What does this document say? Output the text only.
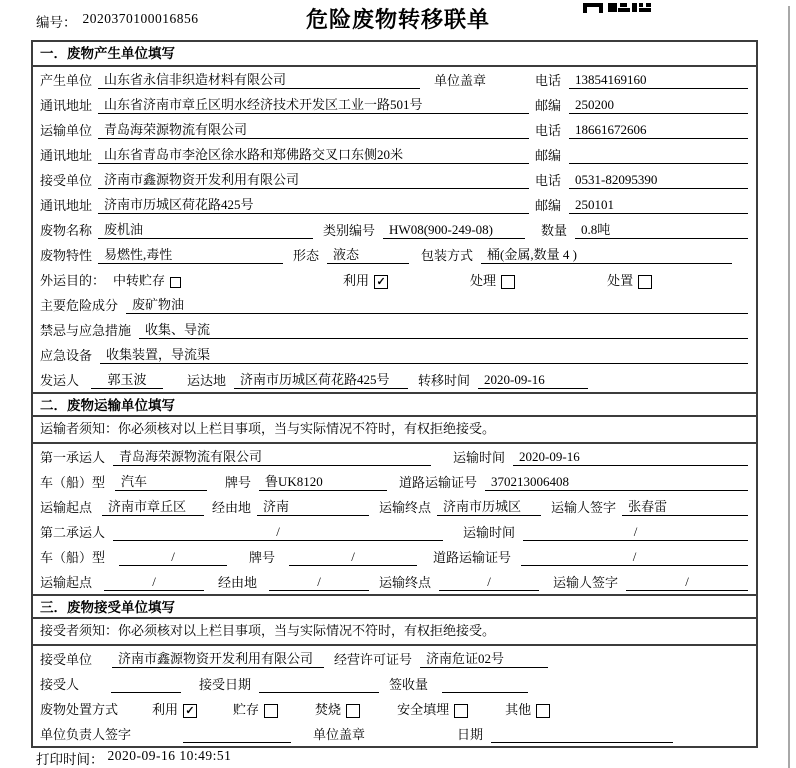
编号： 2020370100016856	危险废物转移联单
一．废物产生单位填写
产生单位 山东省永信非织造材料有限公司	单位盖章	电话	13854169160
通讯地址 山东省济南市章丘区明水经济技术开发区工业一路501号	邮编	250200
运输单位 青岛海荣源物流有限公司	电话	18661672606
通讯地址 山东省青岛市李沧区徐水路和郑佛路交叉口东侧20米	邮编
接受单位 济南市鑫源物资开发利用有限公司	电话	0531-82095390
通讯地址 济南市历城区荷花路425号	邮编	250101
废物名称 废机油	类别编号	HW08(900-249-08)	数量	0.8吨
废物特性 易燃性,毒性	形态	液态	包装方式	桶(金属,数量 4 )
外运目的： 中转贮存	利用 ✓	处理	处置
主要危险成分	废矿物油
禁忌与应急措施	收集、导流
应急设备	收集装置，导流渠
发运人	郭玉波	运达地	济南市历城区荷花路425号	转移时间	2020-09-16
二．废物运输单位填写
运输者须知： 你必须核对以上栏目事项，当与实际情况不符时，有权拒绝接受。
第一承运人	青岛海荣源物流有限公司	运输时间	2020-09-16
车（船）型	汽车	牌号	鲁UK8120	道路运输证号	370213006408
运输起点	济南市章丘区	经由地 济南	运输终点 济南市历城区	运输人签字 张春雷
第二承运人	/	运输时间	/
车（船）型	/	牌号	/	道路运输证号	/
运输起点	/	经由地	/	运输终点	/	运输人签字	/
三．废物接受单位填写
接受者须知： 你必须核对以上栏目事项，当与实际情况不符时，有权拒绝接受。
接受单位	济南市鑫源物资开发利用有限公司	经营许可证号	济南危证02号
接受人	接受日期	签收量
废物处置方式	利用 ✓	贮存	焚烧	安全填埋	其他
单位负责人签字	单位盖章	日期
打印时间： 2020-09-16 10:49:51
